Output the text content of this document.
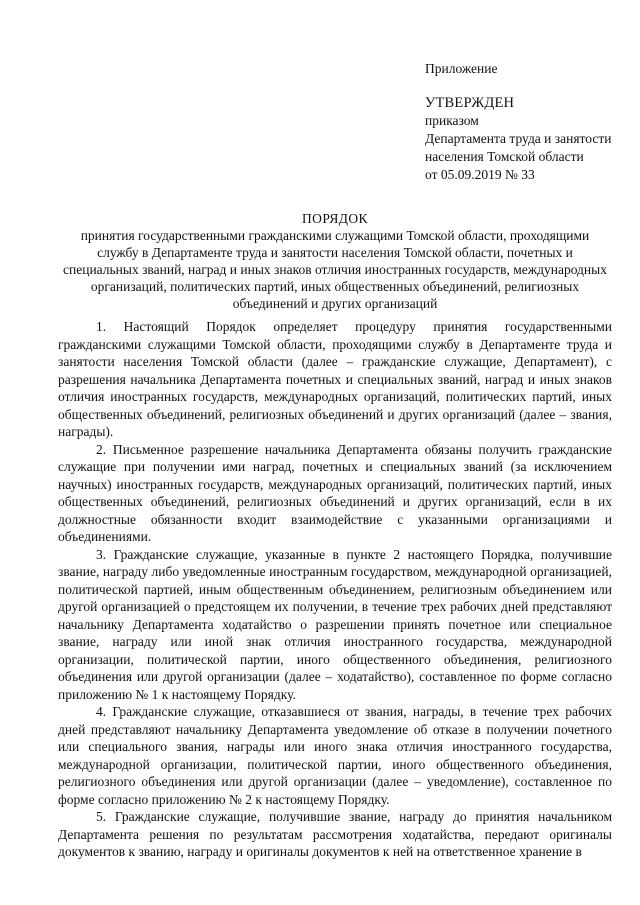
Приложение
УТВЕРЖДЕН
приказом
Департамента труда и занятости
населения Томской области
от 05.09.2019 № 33
ПОРЯДОК
принятия государственными гражданскими служащими Томской области, проходящими службу в Департаменте труда и занятости населения Томской области, почетных и специальных званий, наград и иных знаков отличия иностранных государств, международных организаций, политических партий, иных общественных объединений, религиозных объединений и других организаций

1. Настоящий Порядок определяет процедуру принятия государственными гражданскими служащими Томской области, проходящими службу в Департаменте труда и занятости населения Томской области (далее – гражданские служащие, Департамент), с разрешения начальника Департамента почетных и специальных званий, наград и иных знаков отличия иностранных государств, международных организаций, политических партий, иных общественных объединений, религиозных объединений и других организаций (далее – звания, награды).

2. Письменное разрешение начальника Департамента обязаны получить гражданские служащие при получении ими наград, почетных и специальных званий (за исключением научных) иностранных государств, международных организаций, политических партий, иных общественных объединений, религиозных объединений и других организаций, если в их должностные обязанности входит взаимодействие с указанными организациями и объединениями.

3. Гражданские служащие, указанные в пункте 2 настоящего Порядка, получившие звание, награду либо уведомленные иностранным государством, международной организацией, политической партией, иным общественным объединением, религиозным объединением или другой организацией о предстоящем их получении, в течение трех рабочих дней представляют начальнику Департамента ходатайство о разрешении принять почетное или специальное звание, награду или иной знак отличия иностранного государства, международной организации, политической партии, иного общественного объединения, религиозного объединения или другой организации (далее – ходатайство), составленное по форме согласно приложению № 1 к настоящему Порядку.

4. Гражданские служащие, отказавшиеся от звания, награды, в течение трех рабочих дней представляют начальнику Департамента уведомление об отказе в получении почетного или специального звания, награды или иного знака отличия иностранного государства, международной организации, политической партии, иного общественного объединения, религиозного объединения или другой организации (далее – уведомление), составленное по форме согласно приложению № 2 к настоящему Порядку.

5. Гражданские служащие, получившие звание, награду до принятия начальником Департамента решения по результатам рассмотрения ходатайства, передают оригиналы документов к званию, награду и оригиналы документов к ней на ответственное хранение в
